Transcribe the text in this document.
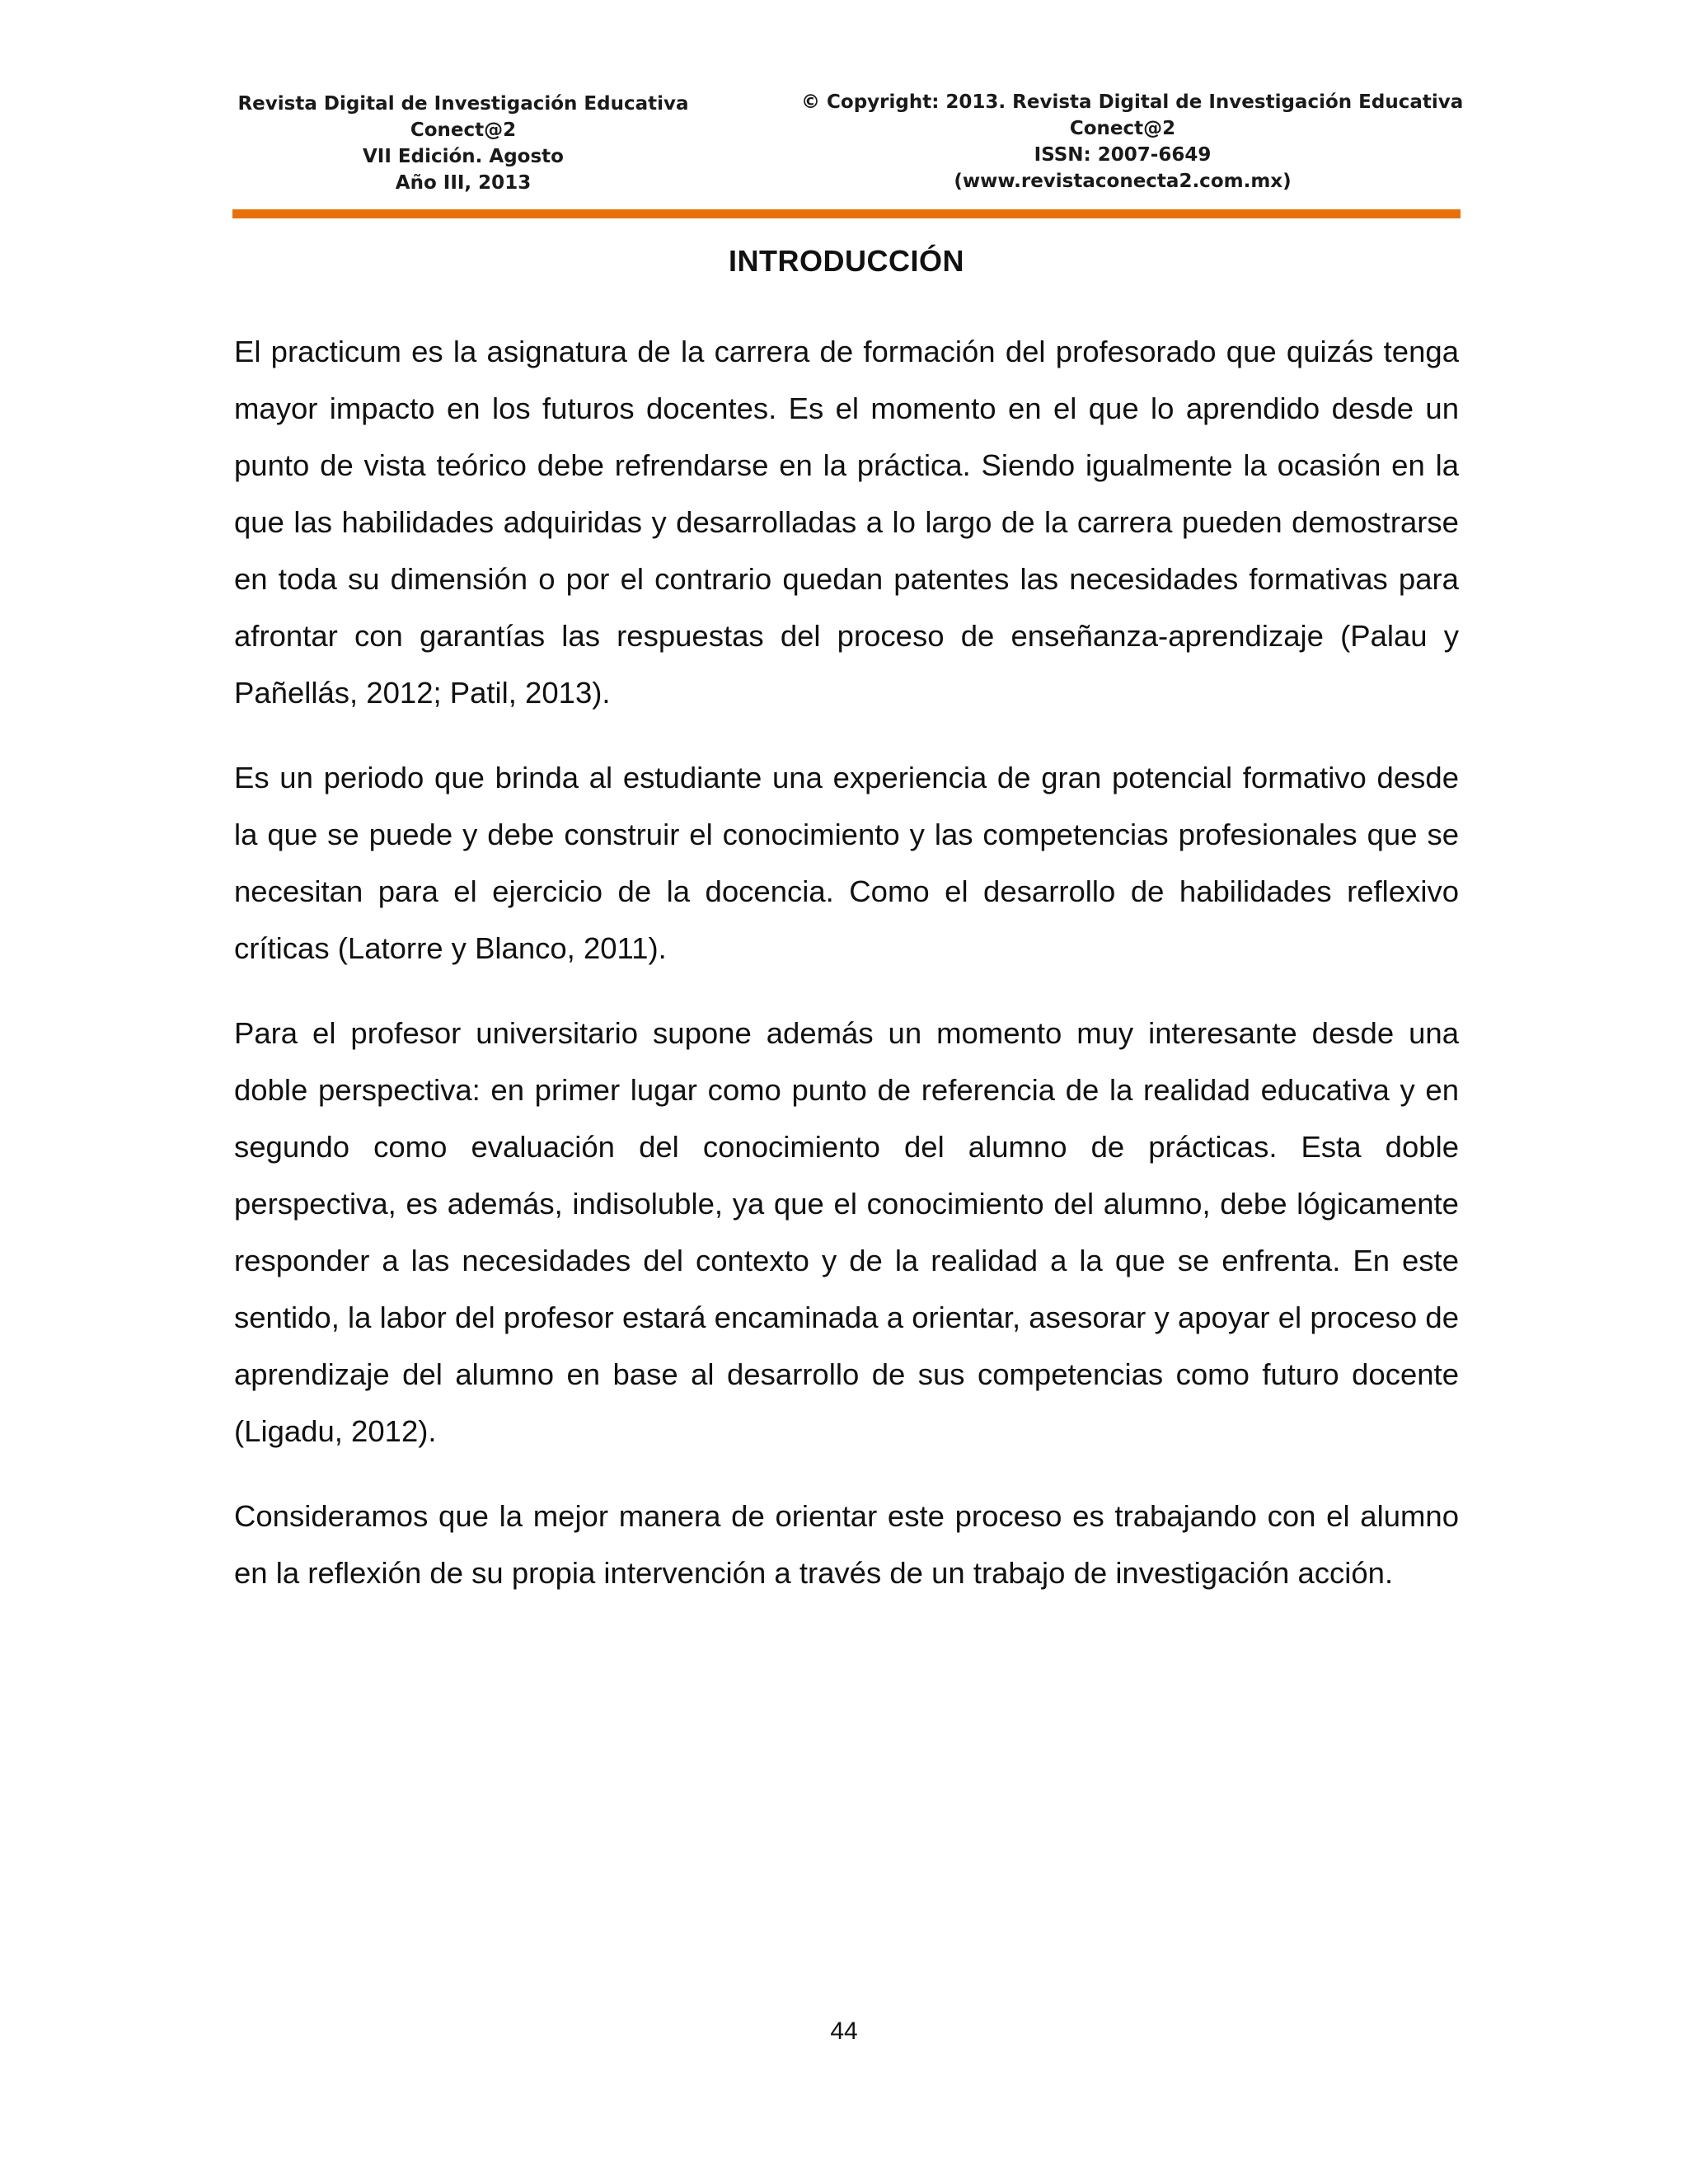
Revista Digital de Investigación Educativa
Conect@2
VII Edición. Agosto
Año III, 2013
© Copyright: 2013. Revista Digital de Investigación Educativa
Conect@2
ISSN: 2007-6649
(www.revistaconecta2.com.mx)
INTRODUCCIÓN

El practicum es la asignatura de la carrera de formación del profesorado que quizás tenga mayor impacto en los futuros docentes. Es el momento en el que lo aprendido desde un punto de vista teórico debe refrendarse en la práctica. Siendo igualmente la ocasión en la que las habilidades adquiridas y desarrolladas a lo largo de la carrera pueden demostrarse en toda su dimensión o por el contrario quedan patentes las necesidades formativas para afrontar con garantías las respuestas del proceso de enseñanza-aprendizaje (Palau y Pañellás, 2012; Patil, 2013).

Es un periodo que brinda al estudiante una experiencia de gran potencial formativo desde la que se puede y debe construir el conocimiento y las competencias profesionales que se necesitan para el ejercicio de la docencia. Como el desarrollo de habilidades reflexivo críticas (Latorre y Blanco, 2011).

Para el profesor universitario supone además un momento muy interesante desde una doble perspectiva: en primer lugar como punto de referencia de la realidad educativa y en segundo como evaluación del conocimiento del alumno de prácticas. Esta doble perspectiva, es además, indisoluble, ya que el conocimiento del alumno, debe lógicamente responder a las necesidades del contexto y de la realidad a la que se enfrenta. En este sentido, la labor del profesor estará encaminada a orientar, asesorar y apoyar el proceso de aprendizaje del alumno en base al desarrollo de sus competencias como futuro docente (Ligadu, 2012).

Consideramos que la mejor manera de orientar este proceso es trabajando con el alumno en la reflexión de su propia intervención a través de un trabajo de investigación acción.

44
